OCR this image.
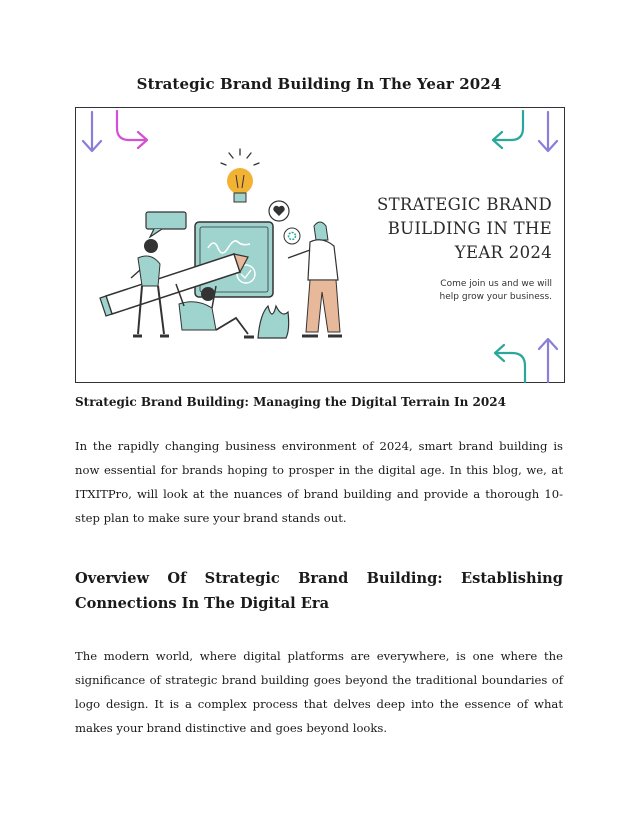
Strategic Brand Building In The Year 2024
STRATEGIC BRAND
BUILDING IN THE
YEAR 2024
Come join us and we will
help grow your business.
Strategic Brand Building: Managing the Digital Terrain In 2024
In the rapidly changing business environment of 2024, smart brand building is now essential for brands hoping to prosper in the digital age. In this blog, we, at ITXITPro, will look at the nuances of brand building and provide a thorough 10-step plan to make sure your brand stands out.
Overview Of Strategic Brand Building: Establishing Connections In The Digital Era
The modern world, where digital platforms are everywhere, is one where the significance of strategic brand building goes beyond the traditional boundaries of logo design. It is a complex process that delves deep into the essence of what makes your brand distinctive and goes beyond looks.
